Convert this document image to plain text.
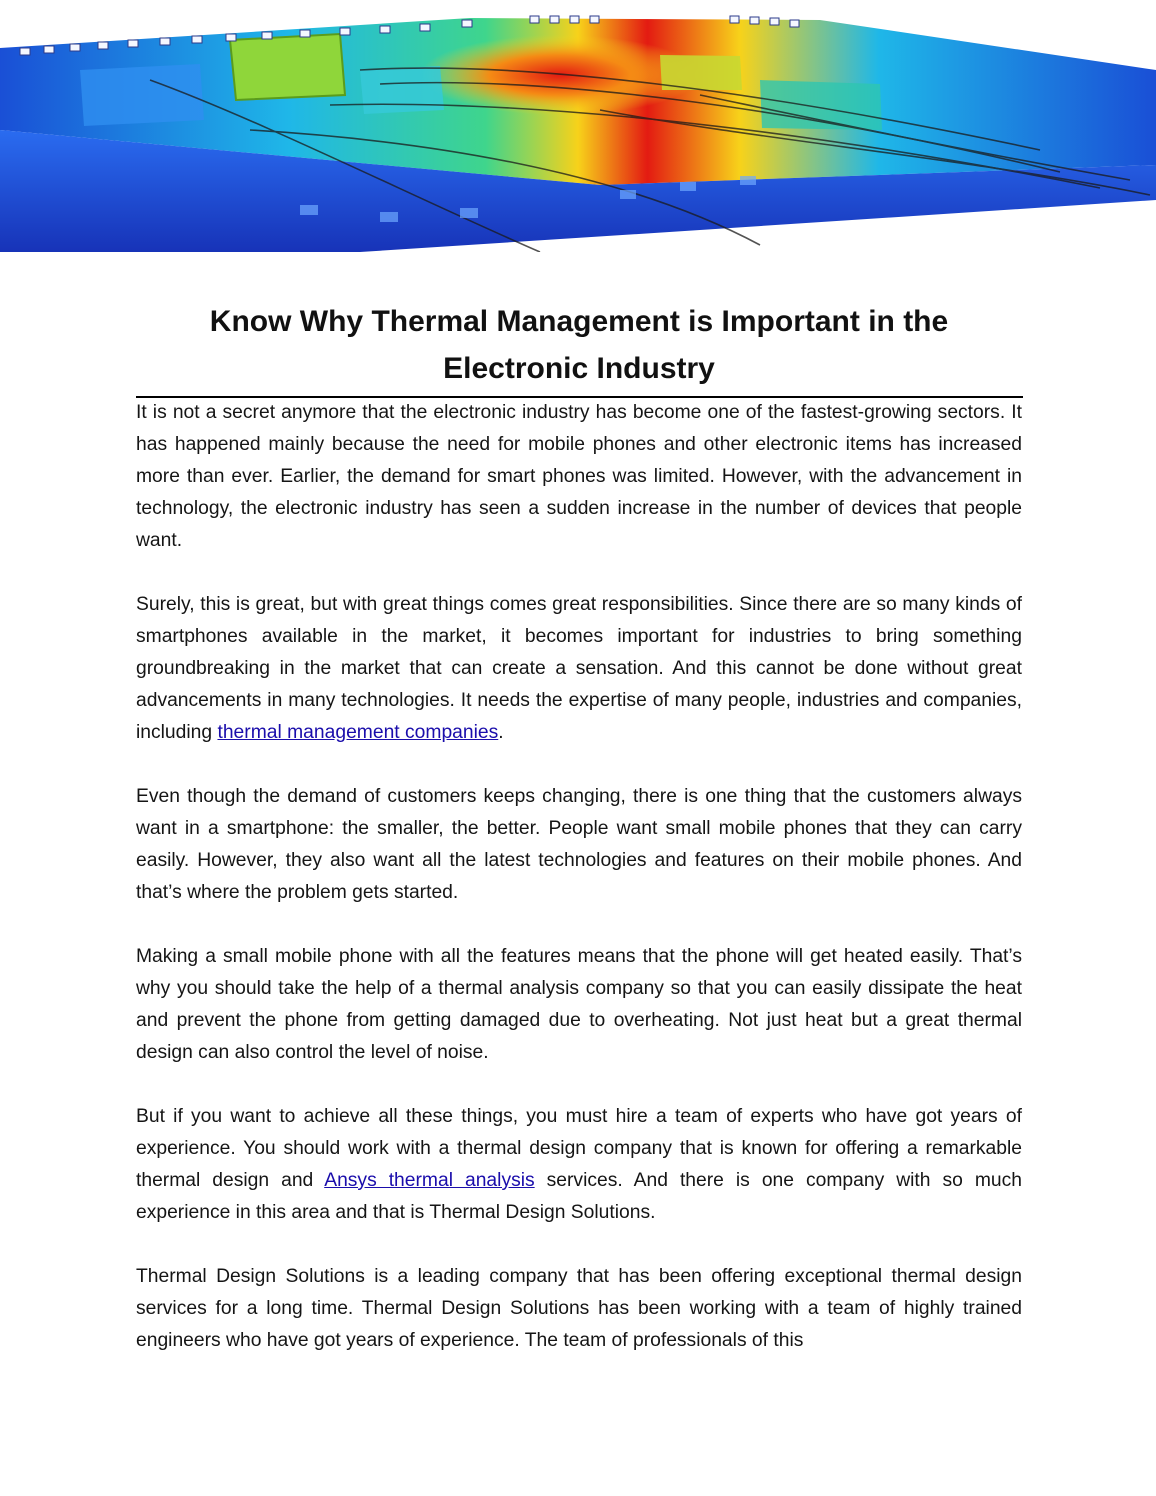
Know Why Thermal Management is Important in the Electronic Industry

It is not a secret anymore that the electronic industry has become one of the fastest-growing sectors. It has happened mainly because the need for mobile phones and other electronic items has increased more than ever. Earlier, the demand for smart phones was limited. However, with the advancement in technology, the electronic industry has seen a sudden increase in the number of devices that people want.

Surely, this is great, but with great things comes great responsibilities. Since there are so many kinds of smartphones available in the market, it becomes important for industries to bring something groundbreaking in the market that can create a sensation. And this cannot be done without great advancements in many technologies. It needs the expertise of many people, industries and companies, including thermal management companies.

Even though the demand of customers keeps changing, there is one thing that the customers always want in a smartphone: the smaller, the better. People want small mobile phones that they can carry easily. However, they also want all the latest technologies and features on their mobile phones. And that’s where the problem gets started.

Making a small mobile phone with all the features means that the phone will get heated easily. That’s why you should take the help of a thermal analysis company so that you can easily dissipate the heat and prevent the phone from getting damaged due to overheating. Not just heat but a great thermal design can also control the level of noise.

But if you want to achieve all these things, you must hire a team of experts who have got years of experience. You should work with a thermal design company that is known for offering a remarkable thermal design and Ansys thermal analysis services. And there is one company with so much experience in this area and that is Thermal Design Solutions.

Thermal Design Solutions is a leading company that has been offering exceptional thermal design services for a long time. Thermal Design Solutions has been working with a team of highly trained engineers who have got years of experience. The team of professionals of this
